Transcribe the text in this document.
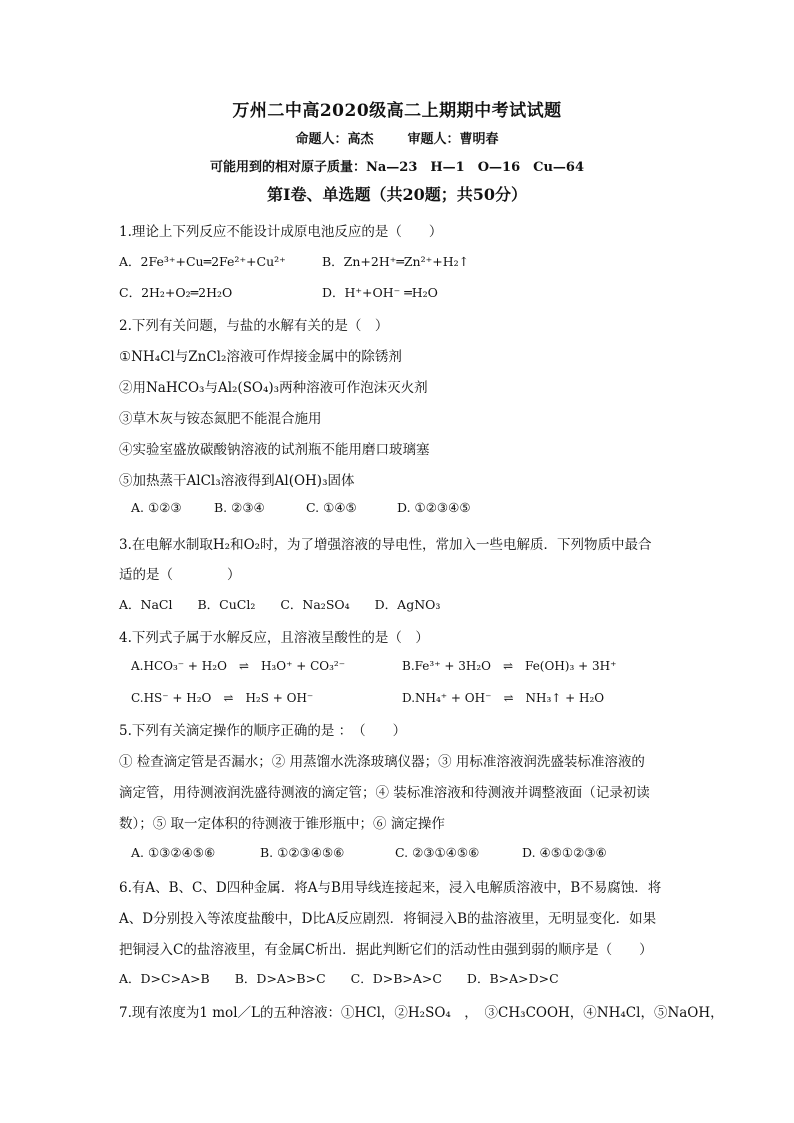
万州二中高2020级高二上期期中考试试题
命题人：高杰	审题人：曹明春
可能用到的相对原子质量：Na—23　H—1　O—16　Cu—64
第Ⅰ卷、单选题（共20题；共50分）
1.理论上下列反应不能设计成原电池反应的是（　　）
A．2Fe³⁺+Cu═2Fe²⁺+Cu²⁺	B．Zn+2H⁺═Zn²⁺+H₂↑
C．2H₂+O₂═2H₂O	D．H⁺+OH⁻ ═H₂O
2.下列有关问题，与盐的水解有关的是（　）
①NH₄Cl与ZnCl₂溶液可作焊接金属中的除锈剂
②用NaHCO₃与Al₂(SO₄)₃两种溶液可作泡沫灭火剂
③草木灰与铵态氮肥不能混合施用
④实验室盛放碳酸钠溶液的试剂瓶不能用磨口玻璃塞
⑤加热蒸干AlCl₃溶液得到Al(OH)₃固体
A. ①②③	B. ②③④	C. ①④⑤	D. ①②③④⑤
3.在电解水制取H₂和O₂时，为了增强溶液的导电性，常加入一些电解质．下列物质中最合
适的是（　　　　）
A．NaCl　　B．CuCl₂　　C．Na₂SO₄　　D．AgNO₃
4.下列式子属于水解反应，且溶液呈酸性的是（　）
A.HCO₃⁻ + H₂O　⇌　H₃O⁺ + CO₃²⁻	B.Fe³⁺ + 3H₂O　⇌　Fe(OH)₃ + 3H⁺
C.HS⁻ + H₂O　⇌　H₂S + OH⁻	D.NH₄⁺ + OH⁻　⇌　NH₃↑ + H₂O
5.下列有关滴定操作的顺序正确的是 ：　（　　）
① 检查滴定管是否漏水；② 用蒸馏水洗涤玻璃仪器；③ 用标准溶液润洗盛装标准溶液的
滴定管，用待测液润洗盛待测液的滴定管；④ 装标准溶液和待测液并调整液面（记录初读
数）；⑤ 取一定体积的待测液于锥形瓶中；⑥ 滴定操作
A. ①③②④⑤⑥	B. ①②③④⑤⑥	C. ②③①④⑤⑥	D. ④⑤①②③⑥
6.有A、B、C、D四种金属．将A与B用导线连接起来，浸入电解质溶液中，B不易腐蚀．将
A、D分别投入等浓度盐酸中，D比A反应剧烈．将铜浸入B的盐溶液里，无明显变化．如果
把铜浸入C的盐溶液里，有金属C析出．据此判断它们的活动性由强到弱的顺序是（　　）
A．D>C>A>B　　B．D>A>B>C　　C．D>B>A>C　　D．B>A>D>C
7.现有浓度为1 mol／L的五种溶液：①HCl，②H₂SO₄　，　③CH₃COOH，④NH₄Cl，⑤NaOH，
